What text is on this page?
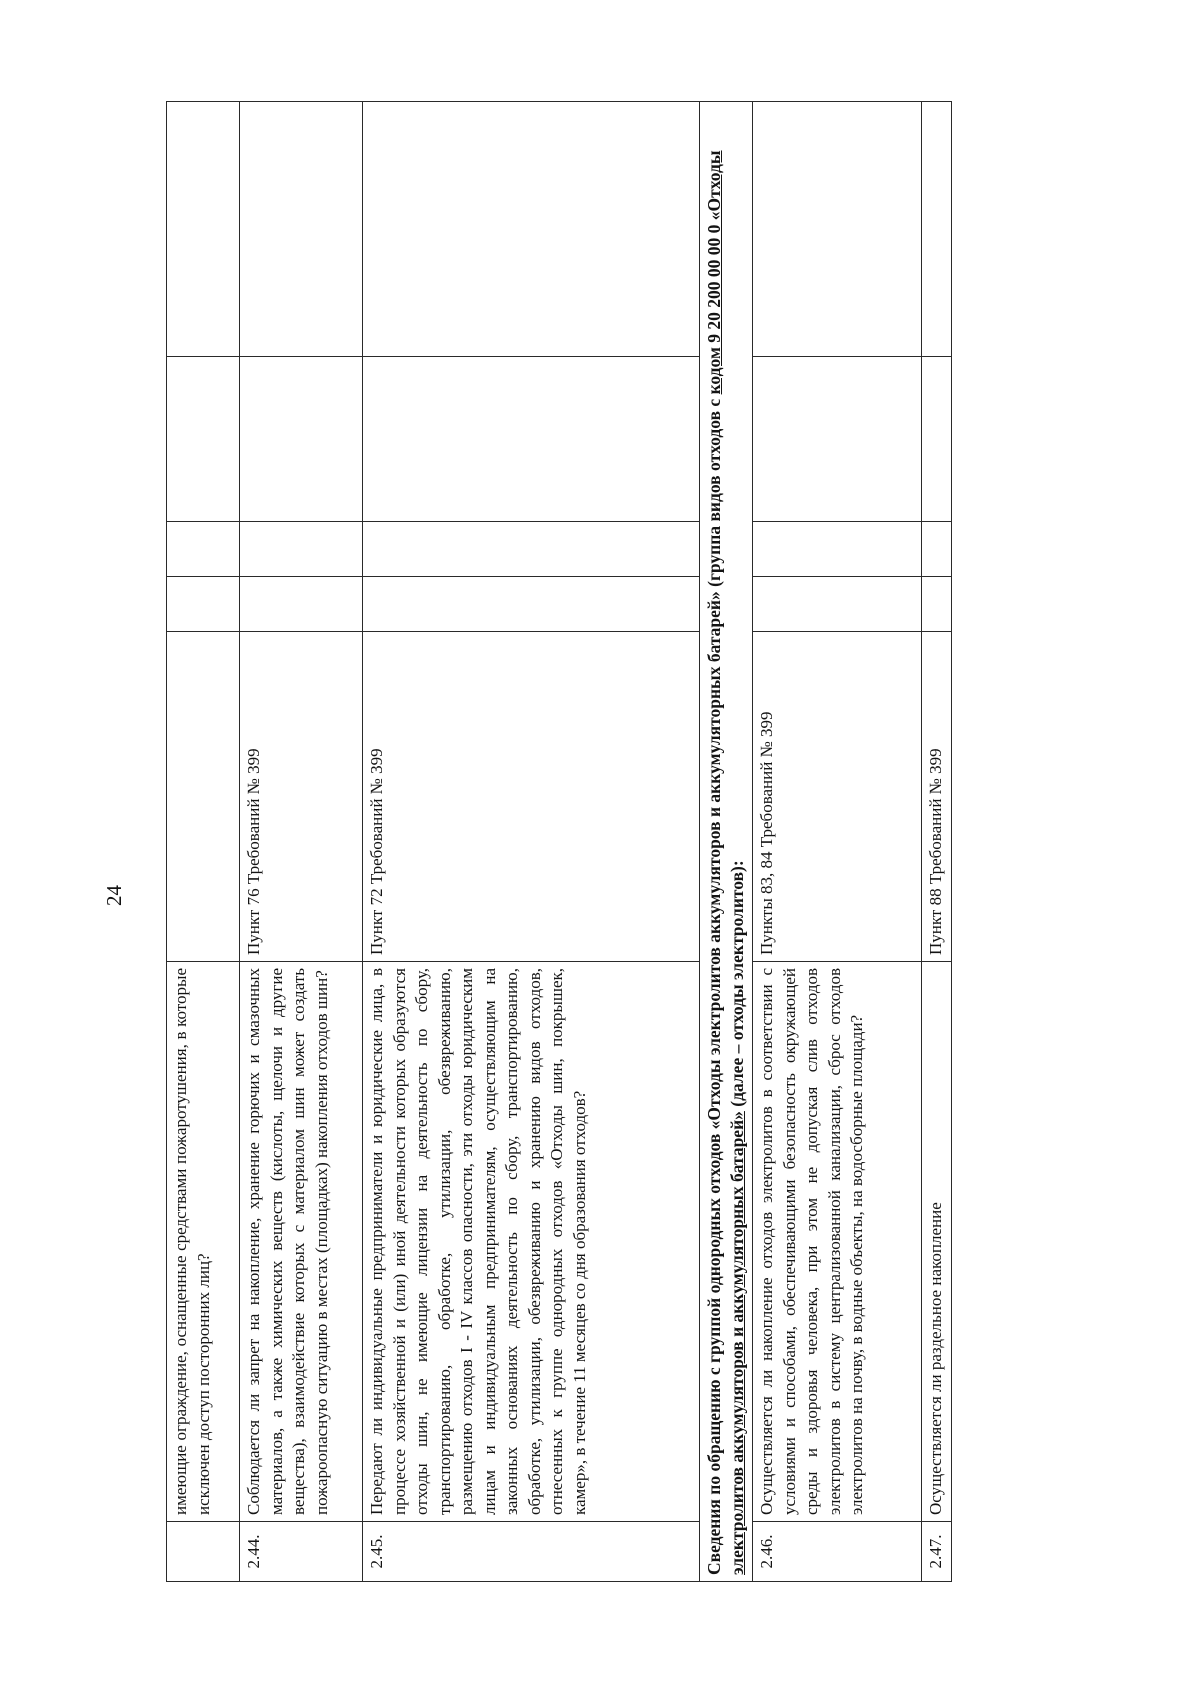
24
	имеющие ограждение, оснащенные средствами пожаротушения, в которые исключен доступ посторонних лиц?					
2.44.	Соблюдается ли запрет на накопление, хранение горючих и смазочных материалов, а также химических веществ (кислоты, щелочи и другие вещества), взаимодействие которых с материалом шин может создать пожароопасную ситуацию в местах (площадках) накопления отходов шин?	Пункт 76 Требований № 399				
2.45.	Передают ли индивидуальные предприниматели и юридические лица, в процессе хозяйственной и (или) иной деятельности которых образуются отходы шин, не имеющие лицензии на деятельность по сбору, транспортированию, обработке, утилизации, обезвреживанию, размещению отходов I - IV классов опасности, эти отходы юридическим лицам и индивидуальным предпринимателям, осуществляющим на законных основаниях деятельность по сбору, транспортированию, обработке, утилизации, обезвреживанию и хранению видов отходов, отнесенных к группе однородных отходов «Отходы шин, покрышек, камер», в течение 11 месяцев со дня образования отходов?	Пункт 72 Требований № 399				
Сведения по обращению с группой однородных отходов «Отходы электролитов аккумуляторов и аккумуляторных батарей» (группа видов отходов с кодом 9 20 200 00 00 0 «Отходы электролитов аккумуляторов и аккумуляторных батарей» (далее – отходы электролитов):						
2.46.	Осуществляется ли накопление отходов электролитов в соответствии с условиями и способами, обеспечивающими безопасность окружающей среды и здоровья человека, при этом не допуская слив отходов электролитов в систему централизованной канализации, сброс отходов электролитов на почву, в водные объекты, на водосборные площади?	Пункты 83, 84 Требований № 399				
2.47.	Осуществляется ли раздельное накопление	Пункт 88 Требований № 399				
